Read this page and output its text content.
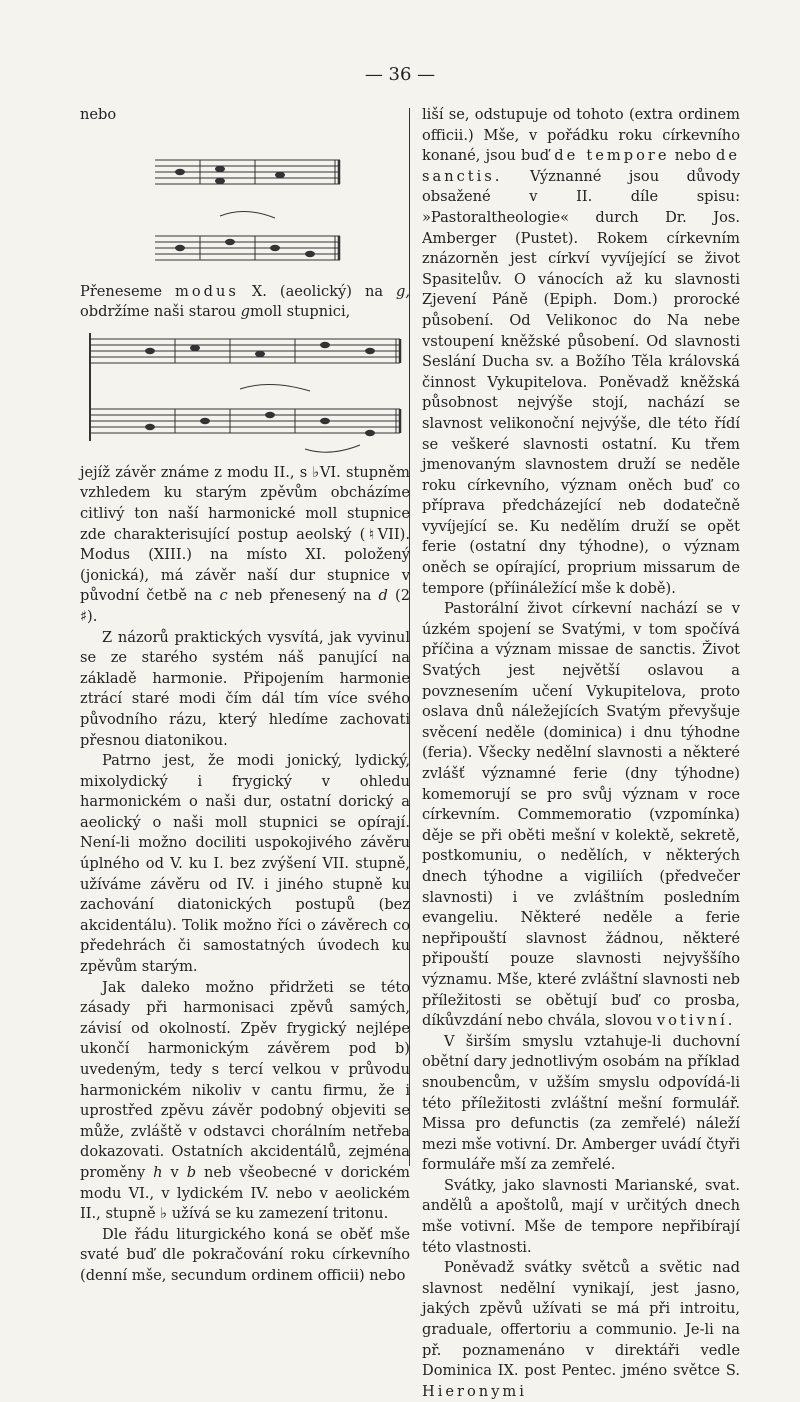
— 36 —

nebo

Přeneseme modus X. (aeolický) na g, obdržíme naši starou gmoll stupnici,

jejíž závěr známe z modu II., s ♭VI. stupněm vzhledem ku starým zpěvům obcházíme citlivý ton naší harmonické moll stupnice zde charakterisující postup aeolský (♮VII). Modus (XIII.) na místo XI. položený (jonická), má závěr naší dur stupnice v původní četbě na c neb přenesený na d (2 ♯).

Z názorů praktických vysvítá, jak vyvinul se ze starého systém náš panující na základě harmonie. Připojením harmonie ztrácí staré modi čím dál tím více svého původního rázu, který hledíme zachovati přesnou diatonikou.

Patrno jest, že modi jonický, lydický, mixolydický i frygický v ohledu harmonickém o naši dur, ostatní dorický a aeolický o naši moll stupnici se opírají. Není-li možno dociliti uspokojivého závěru úplného od V. ku I. bez zvýšení VII. stupně, užíváme závěru od IV. i jiného stupně ku zachování diatonických postupů (bez akcidentálu). Tolik možno říci o závěrech co předehrách či samostatných úvodech ku zpěvům starým.

Jak daleko možno přidržeti se této zásady při harmonisaci zpěvů samých, závisí od okolností. Zpěv frygický nejlépe ukončí harmonickým závěrem pod b) uvedeným, tedy s tercí velkou v průvodu harmonickém nikoliv v cantu firmu, že i uprostřed zpěvu závěr podobný objeviti se může, zvláště v odstavci chorálním netřeba dokazovati. Ostatních akcidentálů, zejména proměny h v b neb všeobecné v dorickém modu VI., v lydickém IV. nebo v aeolickém II., stupně ♭ užívá se ku zamezení tritonu.

Dle řádu liturgického koná se oběť mše svaté buď dle pokračování roku církevního (denní mše, secundum ordinem officii) nebo

liší se, odstupuje od tohoto (extra ordinem officii.) Mše, v pořádku roku církevního konané, jsou buď de tempore nebo de sanctis. Význanné jsou důvody obsažené v II. díle spisu: »Pastoraltheologie« durch Dr. Jos. Amberger (Pustet). Rokem církevním znázorněn jest církví vyvíjející se život Spasitelův. O vánocích až ku slavnosti Zjevení Páně (Epiph. Dom.) prorocké působení. Od Velikonoc do Na nebe vstoupení kněžské působení. Od slavnosti Seslání Ducha sv. a Božího Těla královská činnost Vykupitelova. Poněvadž kněžská působnost nejvýše stojí, nachází se slavnost velikonoční nejvýše, dle této řídí se veškeré slavnosti ostatní. Ku třem jmenovaným slavnostem druží se neděle roku církevního, význam oněch buď co příprava předcházející neb dodatečně vyvíjející se. Ku nedělím druží se opět ferie (ostatní dny týhodne), o význam oněch se opírající, proprium missarum de tempore (příináležící mše k době).

Pastorální život církevní nachází se v úzkém spojení se Svatými, v tom spočívá příčina a význam missae de sanctis. Život Svatých jest největší oslavou a povznesením učení Vykupitelova, proto oslava dnů náležejících Svatým převyšuje svěcení neděle (dominica) i dnu týhodne (feria). Všecky nedělní slavnosti a některé zvlášť významné ferie (dny týhodne) komemorují se pro svůj význam v roce církevním. Commemoratio (vzpomínka) děje se při oběti mešní v kolektě, sekretě, postkomuniu, o nedělích, v některých dnech týhodne a vigiliích (předvečer slavnosti) i ve zvláštním posledním evangeliu. Některé neděle a ferie nepřipouští slavnost žádnou, některé připouští pouze slavnosti nejvyššího významu. Mše, které zvláštní slavnosti neb příležitosti se obětují buď co prosba, díkůvzdání nebo chvála, slovou votivní.

V širším smyslu vztahuje-li duchovní obětní dary jednotlivým osobám na příklad snoubencům, v užším smyslu odpovídá-li této příležitosti zvláštní mešní formulář. Missa pro defunctis (za zemřelé) náleží mezi mše votivní. Dr. Amberger uvádí čtyři formuláře mší za zemřelé.

Svátky, jako slavnosti Marianské, svat. andělů a apoštolů, mají v určitých dnech mše votivní. Mše de tempore nepřibírají této vlastnosti.

Poněvadž svátky světců a světic nad slavnost nedělní vynikají, jest jasno, jakých zpěvů užívati se má při introitu, graduale, offertoriu a communio. Je-li na př. poznamenáno v direktáři vedle Dominica IX. post Pentec. jméno světce S. Hieronymi
